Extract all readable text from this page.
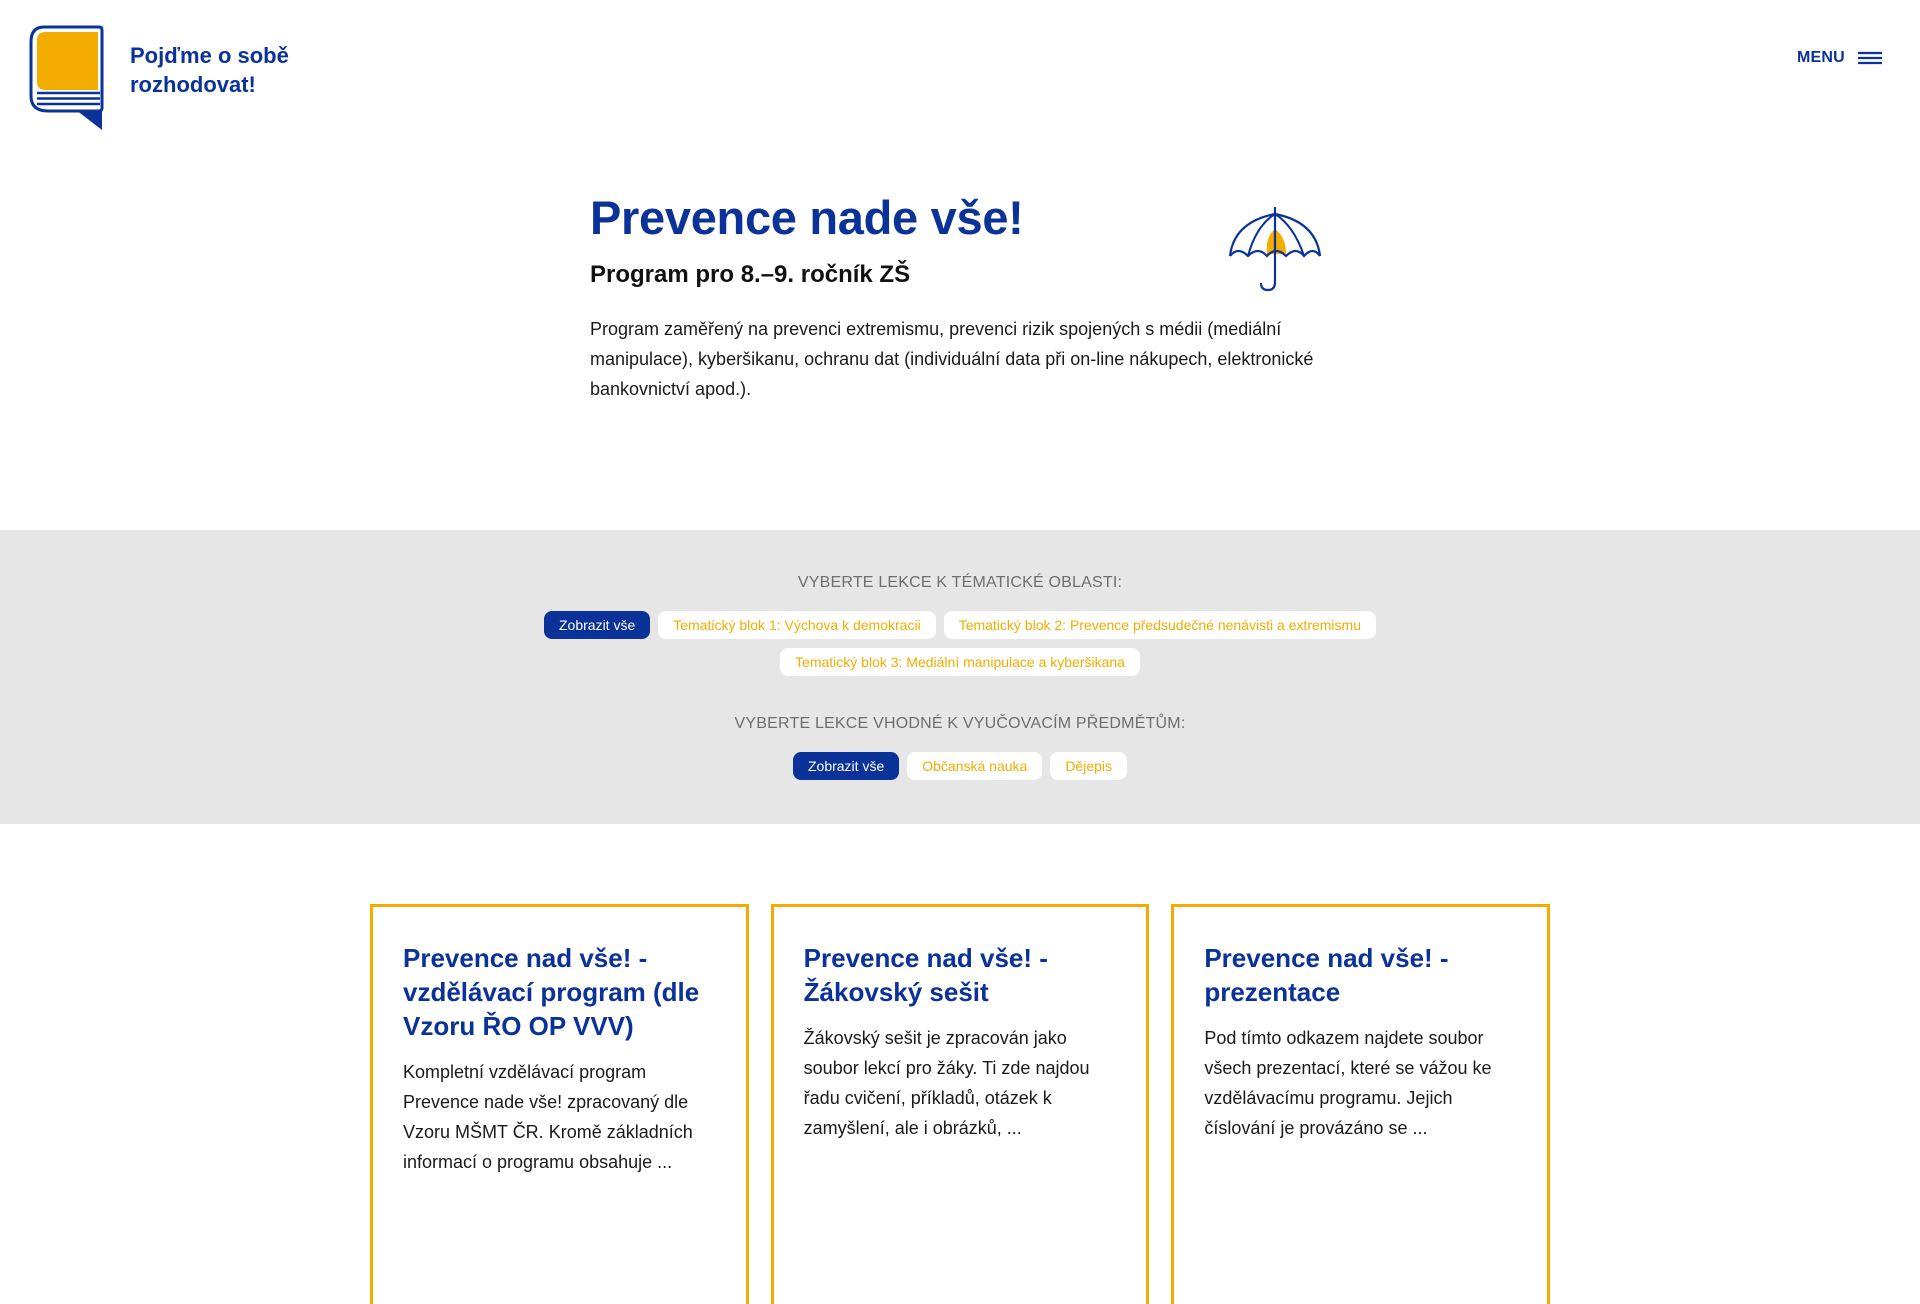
Pojďme o sobě rozhodovat!
MENU
Prevence nade vše!
Program pro 8.–9. ročník ZŠ

Program zaměřený na prevenci extremismu, prevenci rizik spojených s médii (mediální manipulace), kyberšikanu, ochranu dat (individuální data při on-line nákupech, elektronické bankovnictví apod.).

VYBERTE LEKCE K TÉMATICKÉ OBLASTI:
Zobrazit vše	Tematický blok 1: Výchova k demokracii	Tematický blok 2: Prevence předsudečné nenávisti a extremismu
Tematický blok 3: Mediální manipulace a kyberšikana
VYBERTE LEKCE VHODNÉ K VYUČOVACÍM PŘEDMĚTŮM:
Zobrazit vše	Občanská nauka	Dějepis
Prevence nad vše! - vzdělávací program (dle Vzoru ŘO OP VVV)
Kompletní vzdělávací program Prevence nade vše! zpracovaný dle Vzoru MŠMT ČR. Kromě základních informací o programu obsahuje ...
Prevence nad vše! - Žákovský sešit
Žákovský sešit je zpracován jako soubor lekcí pro žáky. Ti zde najdou řadu cvičení, příkladů, otázek k zamyšlení, ale i obrázků, ...
Prevence nad vše! - prezentace
Pod tímto odkazem najdete soubor všech prezentací, které se vážou ke vzdělávacímu programu. Jejich číslování je provázáno se ...
